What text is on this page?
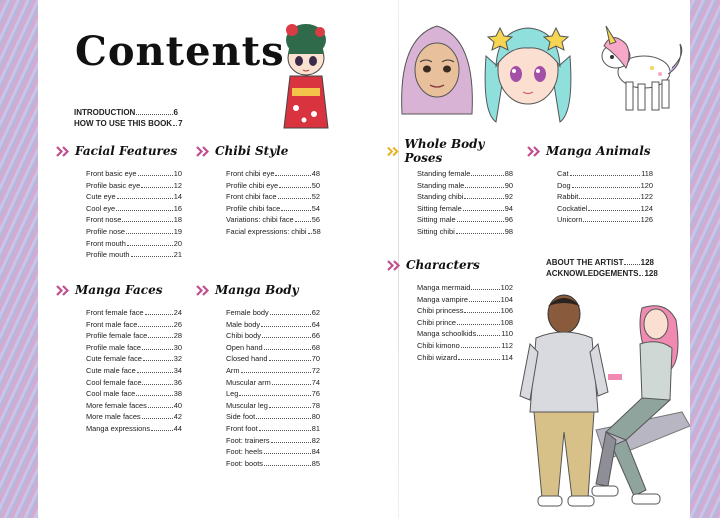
Contents
INTRODUCTION	6
HOW TO USE THIS BOOK 7
Facial Features
Front basic eye	10
Profile basic eye	12
Cute eye	14
Cool eye	16
Front nose	18
Profile nose	19
Front mouth	20
Profile mouth	21
Chibi Style
Front chibi eye	48
Profile chibi eye	50
Front chibi face	52
Profile chibi face	54
Variations: chibi face 56
Facial expressions: chibi 58
Manga Faces
Front female face	24
Front male face	26
Profile female face	28
Profile male face	30
Cute female face	32
Cute male face	34
Cool female face	36
Cool male face	38
More female faces	40
More male faces	42
Manga expressions	44
Manga Body
Female body	62
Male body	64
Chibi body	66
Open hand	68
Closed hand	70
Arm	72
Muscular arm	74
Leg	76
Muscular leg	78
Side foot	80
Front foot	81
Foot: trainers	82
Foot: heels	84
Foot: boots	85
Whole Body Poses
Standing female	88
Standing male	90
Standing chibi	92
Sitting female	94
Sitting male	96
Sitting chibi	98
Manga Animals
Cat	118
Dog	120
Rabbit	122
Cockatiel	124
Unicorn	126
Characters
Manga mermaid	102
Manga vampire	104
Chibi princess	106
Chibi prince	108
Manga schoolkids	110
Chibi kimono	112
Chibi wizard	114
ABOUT THE ARTIST 128
ACKNOWLEDGEMENTS 128
